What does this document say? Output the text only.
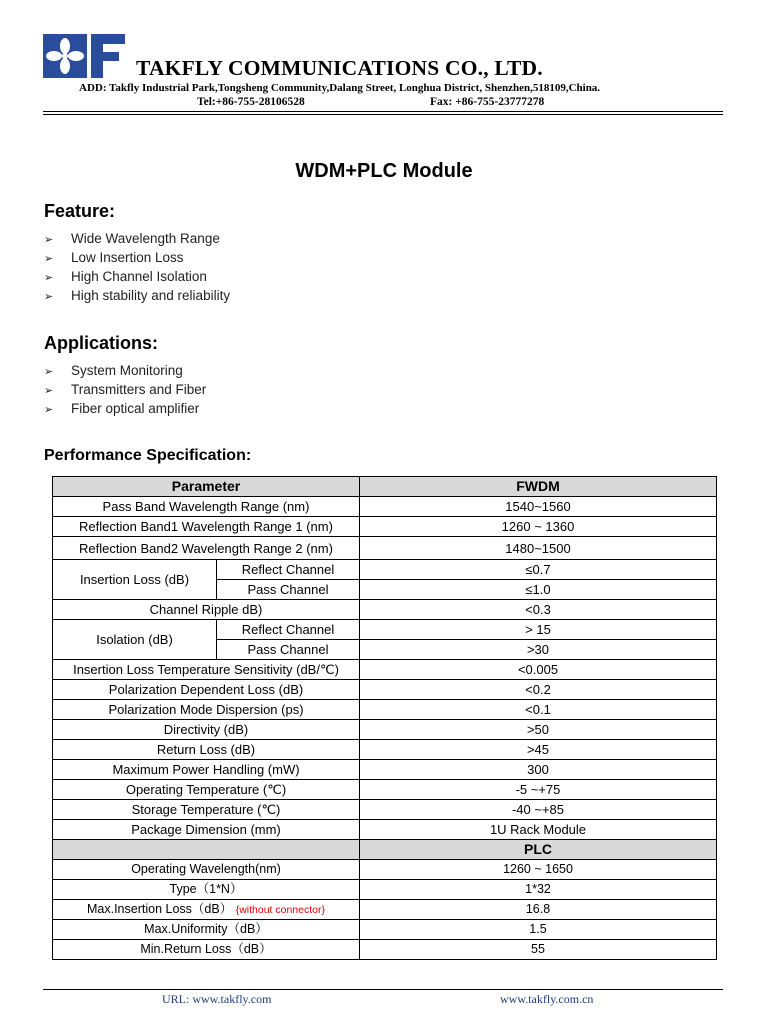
TAKFLY COMMUNICATIONS CO., LTD.
ADD: Takfly Industrial Park,Tongsheng Community,Dalang Street, Longhua District, Shenzhen,518109,China.
Tel:+86-755-28106528	Fax: +86-755-23777278
WDM+PLC Module
Feature:
➢ Wide Wavelength Range
➢ Low Insertion Loss
➢ High Channel Isolation
➢ High stability and reliability
Applications:
➢ System Monitoring
➢ Transmitters and Fiber
➢ Fiber optical amplifier
Performance Specification:
Parameter		FWDM
Pass Band Wavelength Range (nm)		1540~1560
Reflection Band1 Wavelength Range 1 (nm)		1260 ~ 1360
Reflection Band2 Wavelength Range 2 (nm)		1480~1500
Insertion Loss (dB)	Reflect Channel	≤0.7
	Pass Channel	≤1.0
Channel Ripple dB)		<0.3
Isolation (dB)	Reflect Channel	> 15
	Pass Channel	>30
Insertion Loss Temperature Sensitivity (dB/℃)		<0.005
Polarization Dependent Loss (dB)		<0.2
Polarization Mode Dispersion (ps)		<0.1
Directivity (dB)		>50
Return Loss (dB)		>45
Maximum Power Handling (mW)		300
Operating Temperature (℃)		-5 ~+75
Storage Temperature (℃)		-40 ~+85
Package Dimension (mm)		1U Rack Module
		PLC
Operating Wavelength(nm)		1260 ~ 1650
Type（1*N）		1*32
Max.Insertion Loss（dB） {without connector}		16.8
Max.Uniformity（dB）		1.5
Min.Return Loss（dB）		55
URL: www.takfly.com	www.takfly.com.cn
